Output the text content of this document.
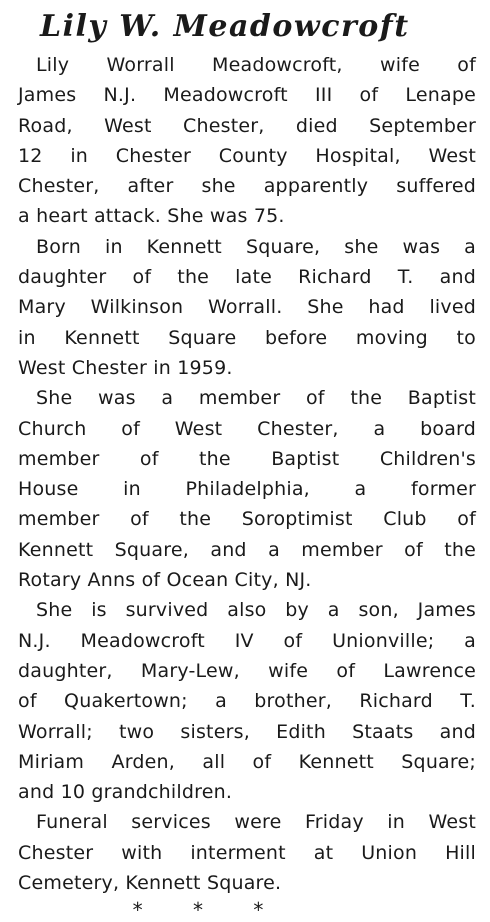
Lily W. Meadowcroft
Lily Worrall Meadowcroft, wife of
James N.J. Meadowcroft III of Lenape
Road, West Chester, died September
12 in Chester County Hospital, West
Chester, after she apparently suffered
a heart attack. She was 75.
Born in Kennett Square, she was a
daughter of the late Richard T. and
Mary Wilkinson Worrall. She had lived
in Kennett Square before moving to
West Chester in 1959.
She was a member of the Baptist
Church of West Chester, a board
member of the Baptist Children's
House in Philadelphia, a former
member of the Soroptimist Club of
Kennett Square, and a member of the
Rotary Anns of Ocean City, NJ.
She is survived also by a son, James
N.J. Meadowcroft IV of Unionville; a
daughter, Mary-Lew, wife of Lawrence
of Quakertown; a brother, Richard T.
Worrall; two sisters, Edith Staats and
Miriam Arden, all of Kennett Square;
and 10 grandchildren.
Funeral services were Friday in West
Chester with interment at Union Hill
Cemetery, Kennett Square.
* * *
